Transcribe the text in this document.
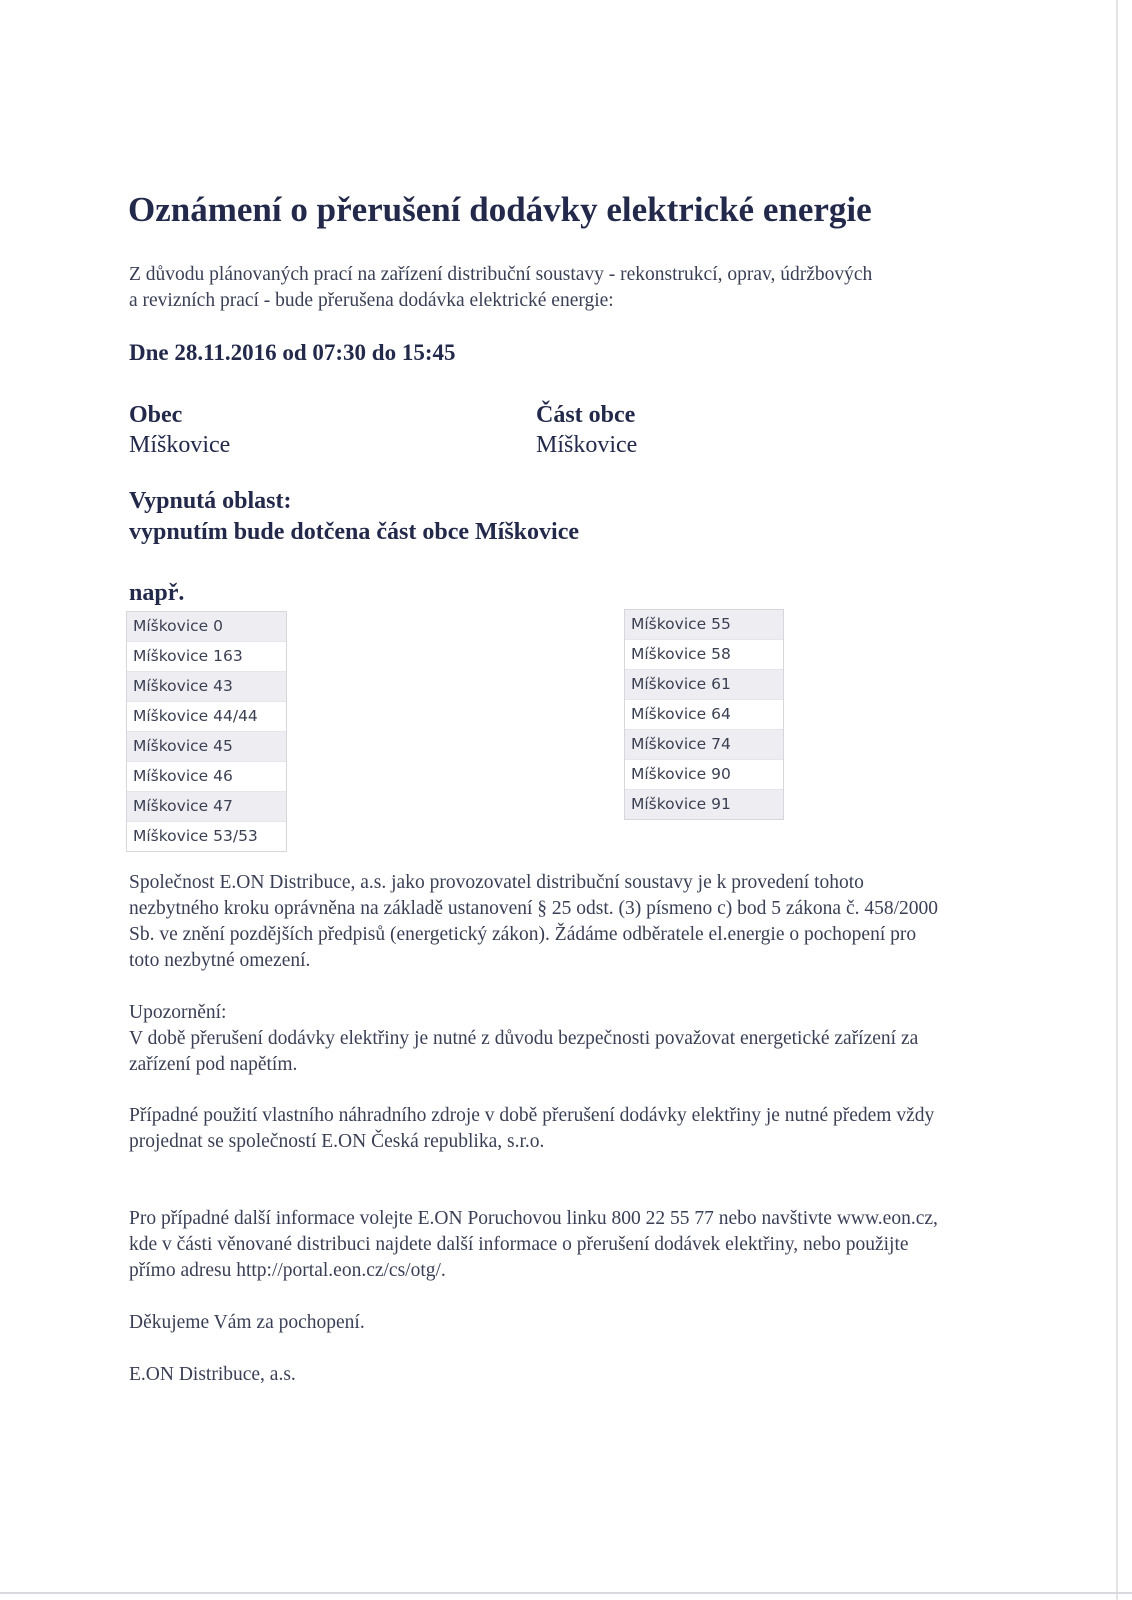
Oznámení o přerušení dodávky elektrické energie

Z důvodu plánovaných prací na zařízení distribuční soustavy - rekonstrukcí, oprav, údržbových

a revizních prací - bude přerušena dodávka elektrické energie:

Dne 28.11.2016 od 07:30 do 15:45
Obec
Míškovice
Část obce
Míškovice
Vypnutá oblast:
vypnutím bude dotčena část obce Míškovice
např.
Míškovice 0
Míškovice 163
Míškovice 43
Míškovice 44/44
Míškovice 45
Míškovice 46
Míškovice 47
Míškovice 53/53
Míškovice 55
Míškovice 58
Míškovice 61
Míškovice 64
Míškovice 74
Míškovice 90
Míškovice 91

Společnost E.ON Distribuce, a.s. jako provozovatel distribuční soustavy je k provedení tohoto

nezbytného kroku oprávněna na základě ustanovení § 25 odst. (3) písmeno c) bod 5 zákona č. 458/2000

Sb. ve znění pozdějších předpisů (energetický zákon). Žádáme odběratele el.energie o pochopení pro

toto nezbytné omezení.

Upozornění:

V době přerušení dodávky elektřiny je nutné z důvodu bezpečnosti považovat energetické zařízení za

zařízení pod napětím.

Případné použití vlastního náhradního zdroje v době přerušení dodávky elektřiny je nutné předem vždy

projednat se společností E.ON Česká republika, s.r.o.

Pro případné další informace volejte E.ON Poruchovou linku 800 22 55 77 nebo navštivte www.eon.cz,

kde v části věnované distribuci najdete další informace o přerušení dodávek elektřiny, nebo použijte

přímo adresu http://portal.eon.cz/cs/otg/.

Děkujeme Vám za pochopení.

E.ON Distribuce, a.s.
